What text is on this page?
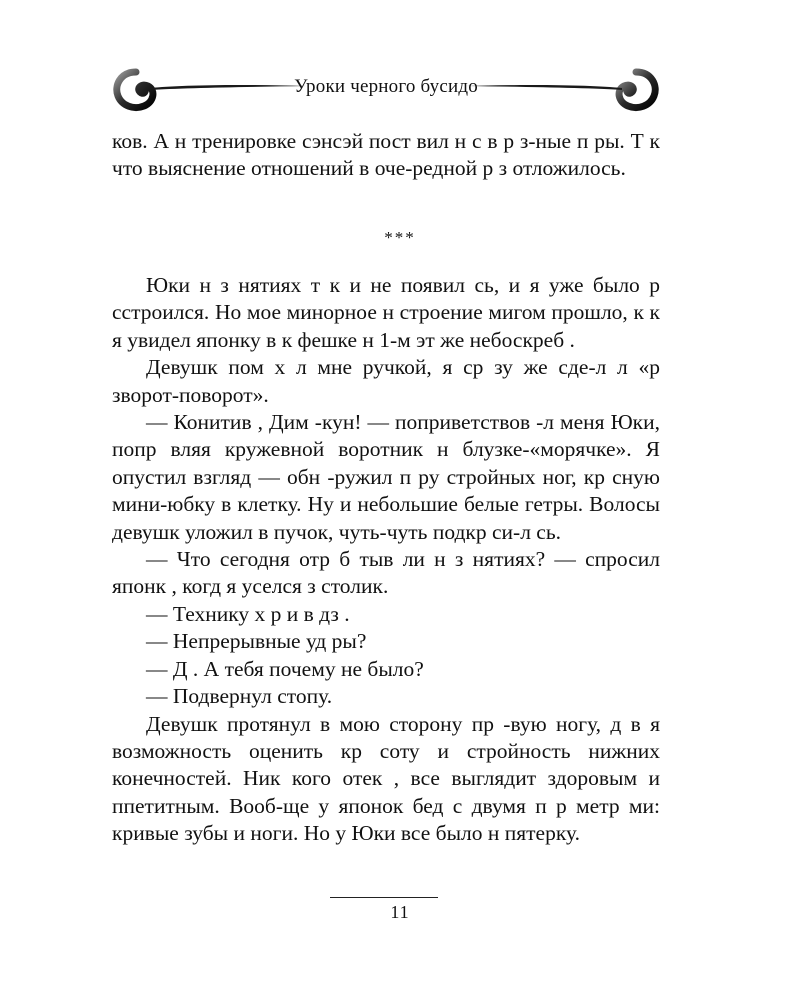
Уроки черного бусидо

ков. А н тренировке сэнсэй пост вил н с в р з-ные п ры. Т к что выяснение отношений в оче-редной р з отложилось.

***

Юки н з нятиях т к и не появил сь, и я уже было р сстроился. Но мое минорное н строение мигом прошло, к к я увидел японку в к фешке н 1-м эт же небоскреб .

Девушк пом х л мне ручкой, я ср зу же сде-л л «р зворот-поворот».

— Конитив , Дим -кун! — поприветствов -л меня Юки, попр вляя кружевной воротник н блузке-«морячке». Я опустил взгляд — обн -ружил п ру стройных ног, кр сную мини-юбку в клетку. Ну и небольшие белые гетры. Волосы девушк уложил в пучок, чуть-чуть подкр си-л сь.

— Что сегодня отр б тыв ли н з нятиях? — спросил японк , когд я уселся з столик.

— Технику х р и в дз .

— Непрерывные уд ры?

— Д . А тебя почему не было?

— Подвернул стопу.

Девушк протянул в мою сторону пр -вую ногу, д в я возможность оценить кр соту и стройность нижних конечностей. Ник кого отек , все выглядит здоровым и ппетитным. Вооб-ще у японок бед с двумя п р метр ми: кривые зубы и ноги. Но у Юки все было н пятерку.

11
